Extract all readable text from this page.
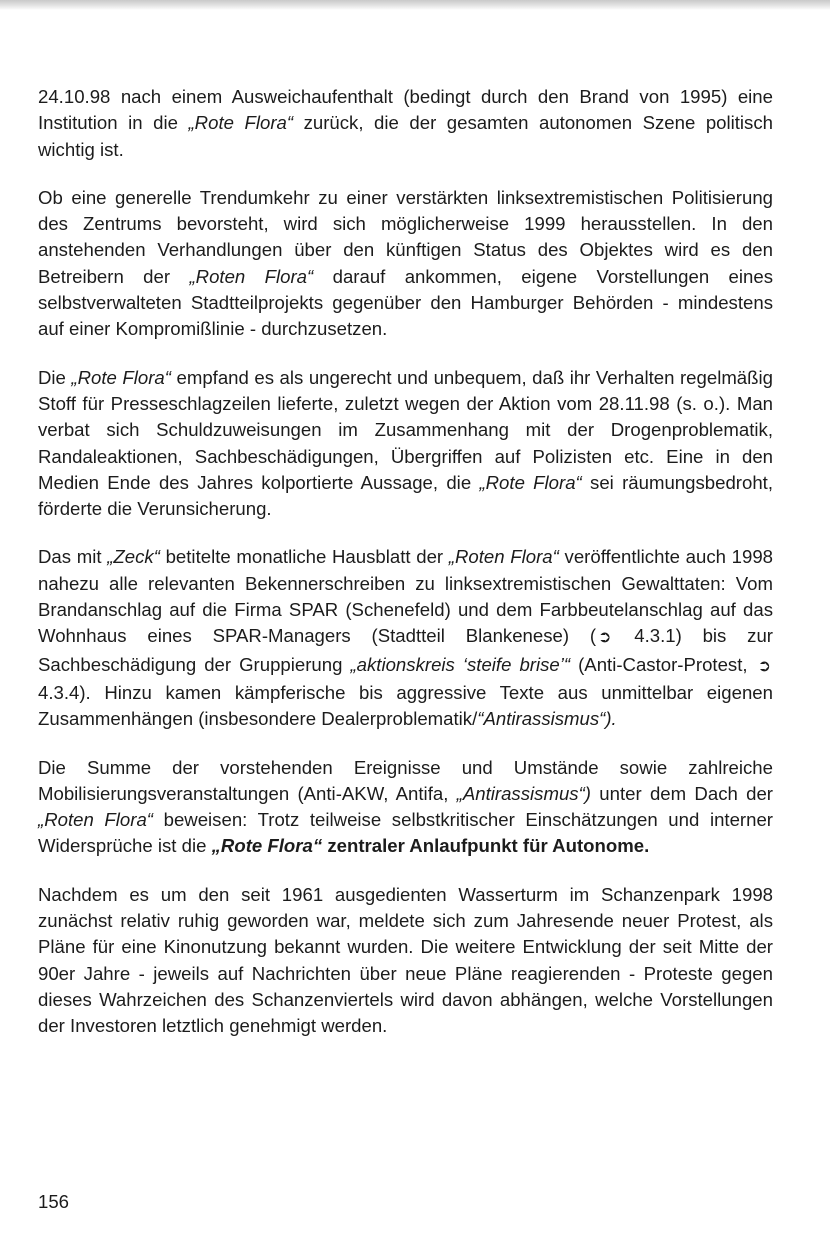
24.10.98 nach einem Ausweichaufenthalt (bedingt durch den Brand von 1995) eine Institution in die „Rote Flora“ zurück, die der gesamten autonomen Szene politisch wichtig ist.

Ob eine generelle Trendumkehr zu einer verstärkten linksextremistischen Politisierung des Zentrums bevorsteht, wird sich möglicherweise 1999 herausstellen. In den anstehenden Verhandlungen über den künftigen Status des Objektes wird es den Betreibern der „Roten Flora“ darauf ankommen, eigene Vorstellungen eines selbstverwalteten Stadtteilprojekts gegenüber den Hamburger Behörden - mindestens auf einer Kompromißlinie - durchzusetzen.

Die „Rote Flora“ empfand es als ungerecht und unbequem, daß ihr Verhalten regelmäßig Stoff für Presseschlagzeilen lieferte, zuletzt wegen der Aktion vom 28.11.98 (s. o.). Man verbat sich Schuldzuweisungen im Zusammenhang mit der Drogenproblematik, Randaleaktionen, Sachbeschädigungen, Übergriffen auf Polizisten etc. Eine in den Medien Ende des Jahres kolportierte Aussage, die „Rote Flora“ sei räumungsbedroht, förderte die Verunsicherung.

Das mit „Zeck“ betitelte monatliche Hausblatt der „Roten Flora“ veröffentlichte auch 1998 nahezu alle relevanten Bekennerschreiben zu linksextremistischen Gewalttaten: Vom Brandanschlag auf die Firma SPAR (Schenefeld) und dem Farbbeutelanschlag auf das Wohnhaus eines SPAR-Managers (Stadtteil Blankenese) ( ➲ 4.3.1) bis zur Sachbeschädigung der Gruppierung „aktionskreis ‘steife brise’“ (Anti-Castor-Protest, ➲ 4.3.4). Hinzu kamen kämpferische bis aggressive Texte aus unmittelbar eigenen Zusammenhängen (insbesondere Dealerproblematik/“Antirassismus“).

Die Summe der vorstehenden Ereignisse und Umstände sowie zahlreiche Mobilisierungsveranstaltungen (Anti-AKW, Antifa, „Antirassismus“) unter dem Dach der „Roten Flora“ beweisen: Trotz teilweise selbstkritischer Einschätzungen und interner Widersprüche ist die „Rote Flora“ zentraler Anlaufpunkt für Autonome.

Nachdem es um den seit 1961 ausgedienten Wasserturm im Schanzenpark 1998 zunächst relativ ruhig geworden war, meldete sich zum Jahresende neuer Protest, als Pläne für eine Kinonutzung bekannt wurden. Die weitere Entwicklung der seit Mitte der 90er Jahre - jeweils auf Nachrichten über neue Pläne reagierenden - Proteste gegen dieses Wahrzeichen des Schanzenviertels wird davon abhängen, welche Vorstellungen der Investoren letztlich genehmigt werden.

156
